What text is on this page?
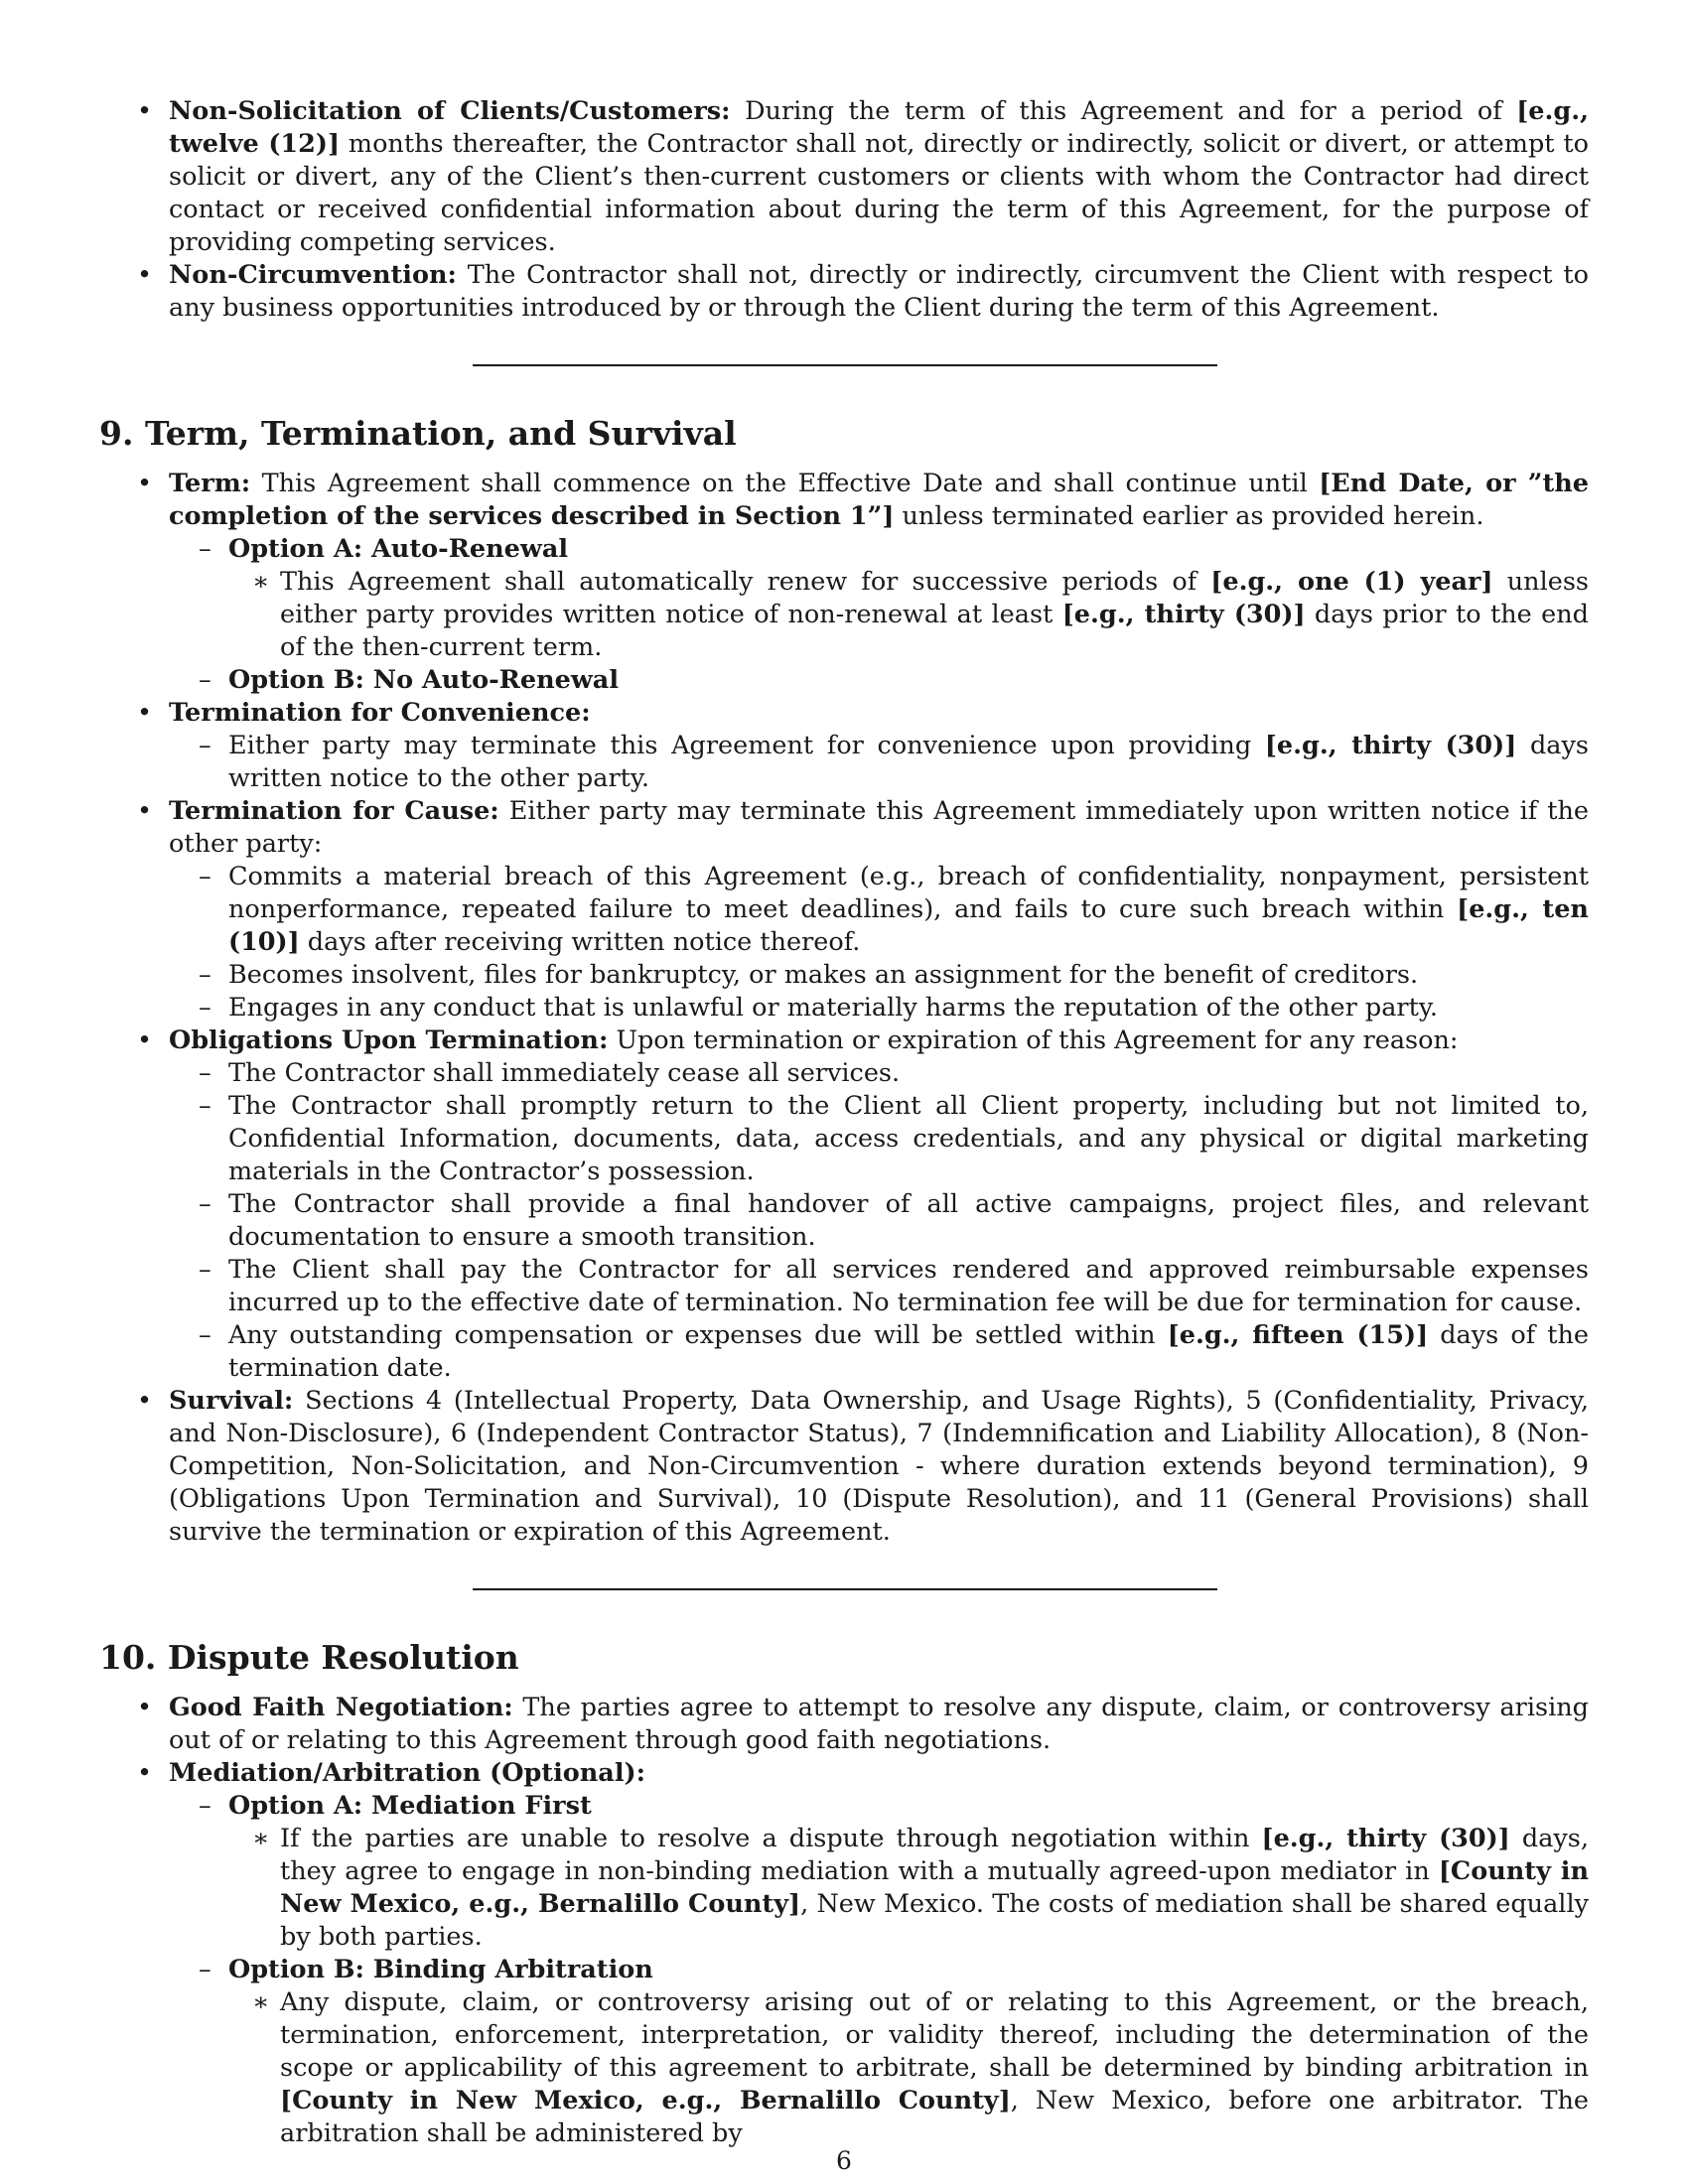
• Non-Solicitation of Clients/Customers: During the term of this Agreement and for a period of [e.g., twelve (12)] months thereafter, the Contractor shall not, directly or indirectly, solicit or divert, or attempt to solicit or divert, any of the Client’s then-current customers or clients with whom the Contractor had direct contact or received confidential information about during the term of this Agreement, for the purpose of providing competing services.

• Non-Circumvention: The Contractor shall not, directly or indirectly, circumvent the Client with respect to any business opportunities introduced by or through the Client during the term of this Agreement.

9. Term, Termination, and Survival

• Term: This Agreement shall commence on the Effective Date and shall continue until [End Date, or ”the completion of the services described in Section 1”] unless terminated earlier as provided herein.

– Option A: Auto-Renewal

∗ This Agreement shall automatically renew for successive periods of [e.g., one (1) year] unless either party provides written notice of non-renewal at least [e.g., thirty (30)] days prior to the end of the then-current term.

– Option B: No Auto-Renewal

• Termination for Convenience:

– Either party may terminate this Agreement for convenience upon providing [e.g., thirty (30)] days written notice to the other party.

• Termination for Cause: Either party may terminate this Agreement immediately upon written notice if the other party:

– Commits a material breach of this Agreement (e.g., breach of confidentiality, nonpayment, persistent nonperformance, repeated failure to meet deadlines), and fails to cure such breach within [e.g., ten (10)] days after receiving written notice thereof.

– Becomes insolvent, files for bankruptcy, or makes an assignment for the benefit of creditors.

– Engages in any conduct that is unlawful or materially harms the reputation of the other party.

• Obligations Upon Termination: Upon termination or expiration of this Agreement for any reason:

– The Contractor shall immediately cease all services.

– The Contractor shall promptly return to the Client all Client property, including but not limited to, Confidential Information, documents, data, access credentials, and any physical or digital marketing materials in the Contractor’s possession.

– The Contractor shall provide a final handover of all active campaigns, project files, and relevant documentation to ensure a smooth transition.

– The Client shall pay the Contractor for all services rendered and approved reimbursable expenses incurred up to the effective date of termination. No termination fee will be due for termination for cause.

– Any outstanding compensation or expenses due will be settled within [e.g., fifteen (15)] days of the termination date.

• Survival: Sections 4 (Intellectual Property, Data Ownership, and Usage Rights), 5 (Confidentiality, Privacy, and Non-Disclosure), 6 (Independent Contractor Status), 7 (Indemnification and Liability Allocation), 8 (Non-Competition, Non-Solicitation, and Non-Circumvention - where duration extends beyond termination), 9 (Obligations Upon Termination and Survival), 10 (Dispute Resolution), and 11 (General Provisions) shall survive the termination or expiration of this Agreement.

10. Dispute Resolution

• Good Faith Negotiation: The parties agree to attempt to resolve any dispute, claim, or controversy arising out of or relating to this Agreement through good faith negotiations.

• Mediation/Arbitration (Optional):

– Option A: Mediation First

∗ If the parties are unable to resolve a dispute through negotiation within [e.g., thirty (30)] days, they agree to engage in non-binding mediation with a mutually agreed-upon mediator in [County in New Mexico, e.g., Bernalillo County], New Mexico. The costs of mediation shall be shared equally by both parties.

– Option B: Binding Arbitration

∗ Any dispute, claim, or controversy arising out of or relating to this Agreement, or the breach, termination, enforcement, interpretation, or validity thereof, including the determination of the scope or applicability of this agreement to arbitrate, shall be determined by binding arbitration in [County in New Mexico, e.g., Bernalillo County], New Mexico, before one arbitrator. The arbitration shall be administered by

6
